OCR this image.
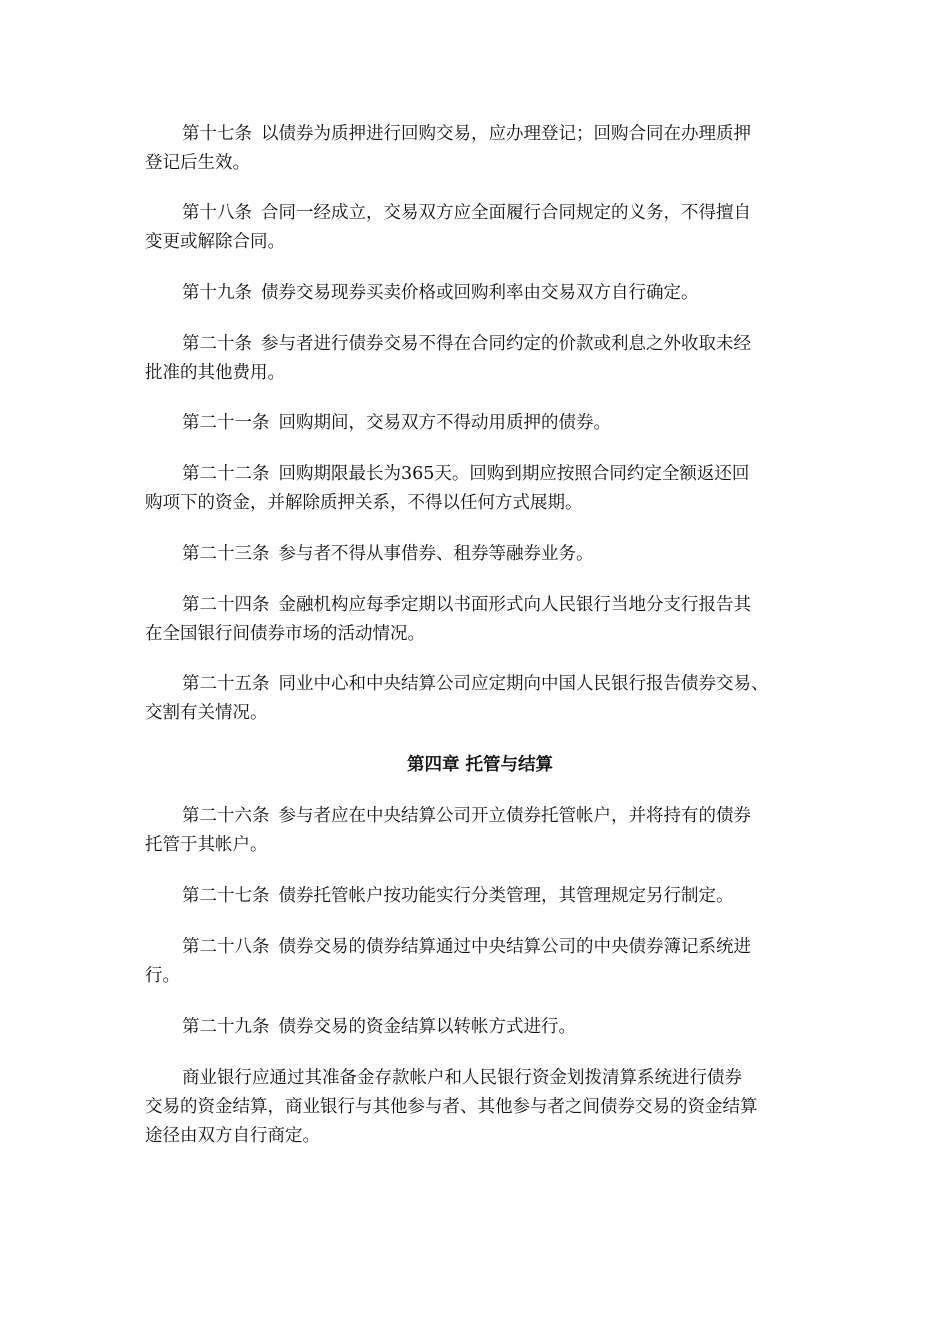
第十七条 以债券为质押进行回购交易，应办理登记；回购合同在办理质押
登记后生效。
第十八条 合同一经成立，交易双方应全面履行合同规定的义务，不得擅自
变更或解除合同。
第十九条 债券交易现券买卖价格或回购利率由交易双方自行确定。
第二十条 参与者进行债券交易不得在合同约定的价款或利息之外收取未经
批准的其他费用。
第二十一条 回购期间，交易双方不得动用质押的债券。
第二十二条 回购期限最长为365天。回购到期应按照合同约定全额返还回
购项下的资金，并解除质押关系，不得以任何方式展期。
第二十三条 参与者不得从事借券、租券等融券业务。
第二十四条 金融机构应每季定期以书面形式向人民银行当地分支行报告其
在全国银行间债券市场的活动情况。
第二十五条 同业中心和中央结算公司应定期向中国人民银行报告债券交易、
交割有关情况。
第四章 托管与结算
第二十六条 参与者应在中央结算公司开立债券托管帐户，并将持有的债券
托管于其帐户。
第二十七条 债券托管帐户按功能实行分类管理，其管理规定另行制定。
第二十八条 债券交易的债券结算通过中央结算公司的中央债券簿记系统进
行。
第二十九条 债券交易的资金结算以转帐方式进行。
商业银行应通过其准备金存款帐户和人民银行资金划拨清算系统进行债券
交易的资金结算，商业银行与其他参与者、其他参与者之间债券交易的资金结算
途径由双方自行商定。
